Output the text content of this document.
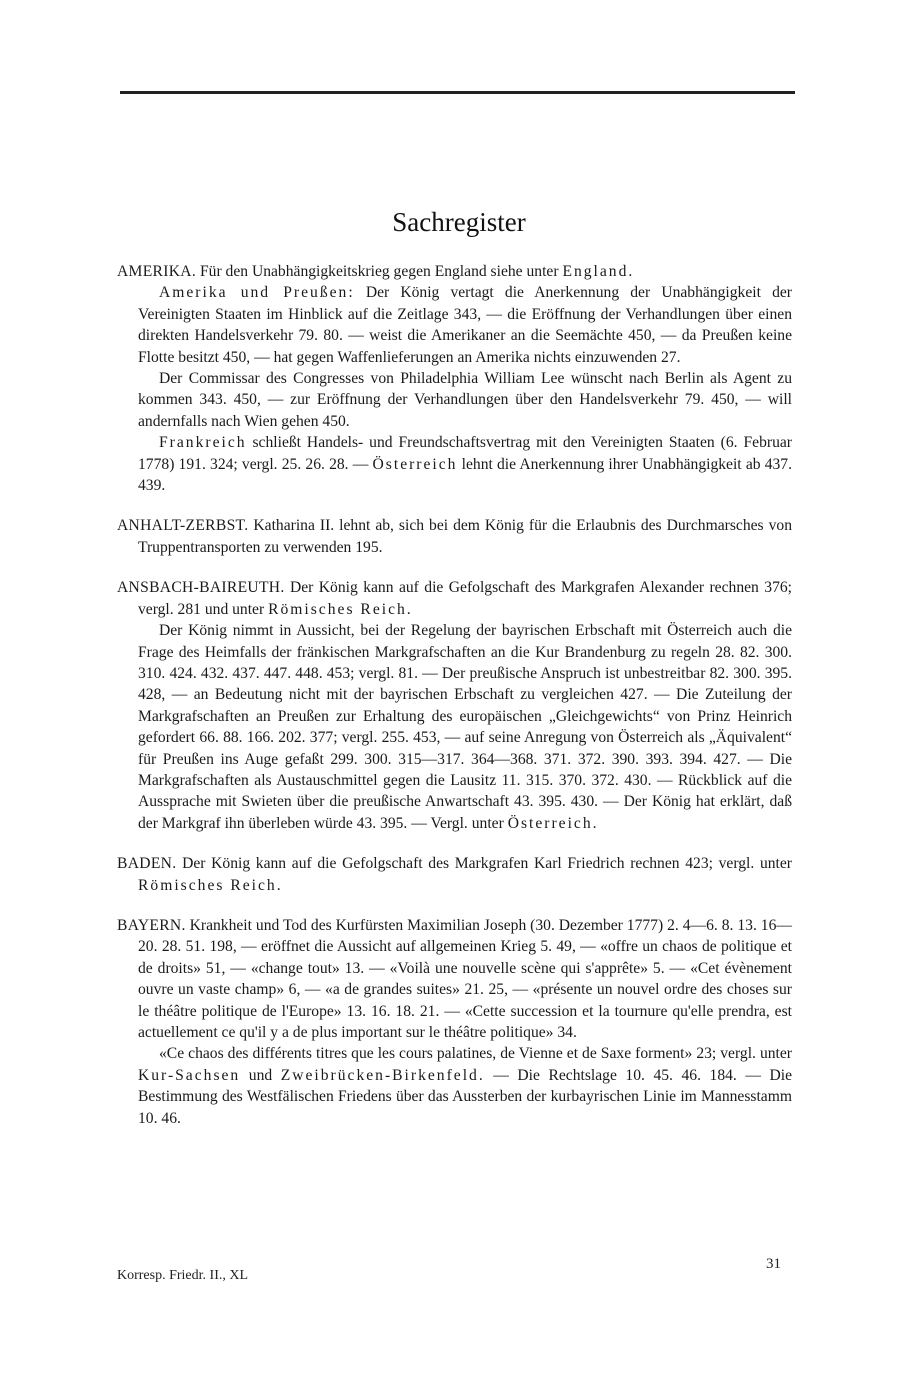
Sachregister

AMERIKA. Für den Unabhängigkeitskrieg gegen England siehe unter England.

Amerika und Preußen: Der König vertagt die Anerkennung der Unabhängigkeit der Vereinigten Staaten im Hinblick auf die Zeitlage 343, — die Eröffnung der Verhandlungen über einen direkten Handelsverkehr 79. 80. — weist die Amerikaner an die Seemächte 450, — da Preußen keine Flotte besitzt 450, — hat gegen Waffenlieferungen an Amerika nichts einzuwenden 27.

Der Commissar des Congresses von Philadelphia William Lee wünscht nach Berlin als Agent zu kommen 343. 450, — zur Eröffnung der Verhandlungen über den Handelsverkehr 79. 450, — will andernfalls nach Wien gehen 450.

Frankreich schließt Handels- und Freundschaftsvertrag mit den Vereinigten Staaten (6. Februar 1778) 191. 324; vergl. 25. 26. 28. — Österreich lehnt die Anerkennung ihrer Unabhängigkeit ab 437. 439.

ANHALT-ZERBST. Katharina II. lehnt ab, sich bei dem König für die Erlaubnis des Durchmarsches von Truppentransporten zu verwenden 195.

ANSBACH-BAIREUTH. Der König kann auf die Gefolgschaft des Markgrafen Alexander rechnen 376; vergl. 281 und unter Römisches Reich.

Der König nimmt in Aussicht, bei der Regelung der bayrischen Erbschaft mit Österreich auch die Frage des Heimfalls der fränkischen Markgrafschaften an die Kur Brandenburg zu regeln 28. 82. 300. 310. 424. 432. 437. 447. 448. 453; vergl. 81. — Der preußische Anspruch ist unbestreitbar 82. 300. 395. 428, — an Bedeutung nicht mit der bayrischen Erbschaft zu vergleichen 427. — Die Zuteilung der Markgrafschaften an Preußen zur Erhaltung des europäischen „Gleichgewichts“ von Prinz Heinrich gefordert 66. 88. 166. 202. 377; vergl. 255. 453, — auf seine Anregung von Österreich als „Äquivalent“ für Preußen ins Auge gefaßt 299. 300. 315—317. 364—368. 371. 372. 390. 393. 394. 427. — Die Markgrafschaften als Austauschmittel gegen die Lausitz 11. 315. 370. 372. 430. — Rückblick auf die Aussprache mit Swieten über die preußische Anwartschaft 43. 395. 430. — Der König hat erklärt, daß der Markgraf ihn überleben würde 43. 395. — Vergl. unter Österreich.

BADEN. Der König kann auf die Gefolgschaft des Markgrafen Karl Friedrich rechnen 423; vergl. unter Römisches Reich.

BAYERN. Krankheit und Tod des Kurfürsten Maximilian Joseph (30. Dezember 1777) 2. 4—6. 8. 13. 16—20. 28. 51. 198, — eröffnet die Aussicht auf allgemeinen Krieg 5. 49, — «offre un chaos de politique et de droits» 51, — «change tout» 13. — «Voilà une nouvelle scène qui s'apprête» 5. — «Cet évènement ouvre un vaste champ» 6, — «a de grandes suites» 21. 25, — «présente un nouvel ordre des choses sur le théâtre politique de l'Europe» 13. 16. 18. 21. — «Cette succession et la tournure qu'elle prendra, est actuellement ce qu'il y a de plus important sur le théâtre politique» 34.

«Ce chaos des différents titres que les cours palatines, de Vienne et de Saxe forment» 23; vergl. unter Kur-Sachsen und Zweibrücken-Birkenfeld. — Die Rechtslage 10. 45. 46. 184. — Die Bestimmung des Westfälischen Friedens über das Aussterben der kurbayrischen Linie im Mannesstamm 10. 46.

31
Korresp. Friedr. II., XL
